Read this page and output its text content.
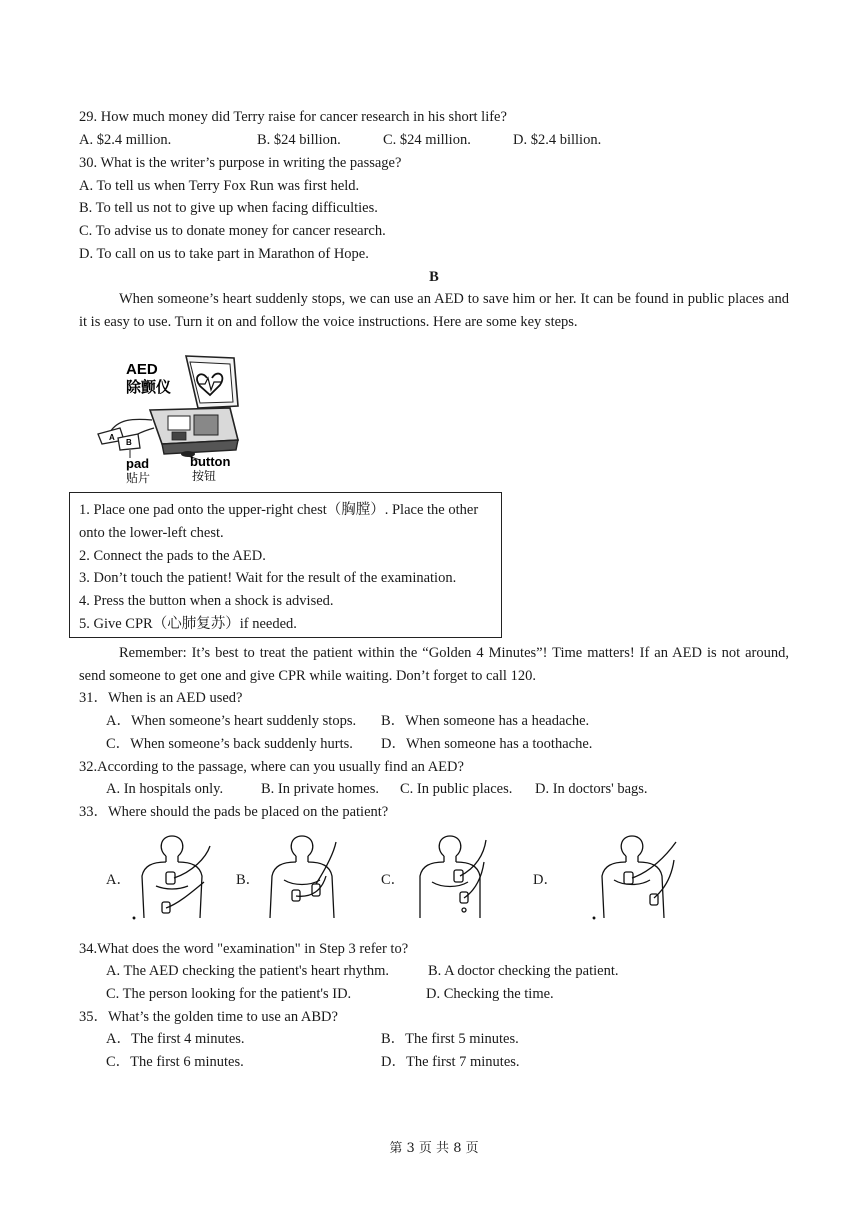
29. How much money did Terry raise for cancer research in his short life?
A. $2.4 million.	B. $24 billion.	C. $24 million.	D. $2.4 billion.
30. What is the writer’s purpose in writing the passage?
A. To tell us when Terry Fox Run was first held.
B. To tell us not to give up when facing difficulties.
C. To advise us to donate money for cancer research.
D. To call on us to take part in Marathon of Hope.
B
When someone’s heart suddenly stops, we can use an AED to save him or her. It can be found in public places and it is easy to use. Turn it on and follow the voice instructions. Here are some key steps.
A
B
AED
除颤仪
pad
贴片
button
按钮
1. Place one pad onto the upper-right chest（胸膛）. Place the other
onto the lower-left chest.
2. Connect the pads to the AED.
3. Don’t touch the patient! Wait for the result of the examination.
4. Press the button when a shock is advised.
5. Give CPR（心肺复苏）if needed.
Remember: It’s best to treat the patient within the “Golden 4 Minutes”! Time matters! If an AED is not around, send someone to get one and give CPR while waiting. Don’t forget to call 120.
31．When is an AED used?
A．When someone’s heart suddenly stops. B．When someone has a headache.
C．When someone’s back suddenly hurts. D．When someone has a toothache.
32.According to the passage, where can you usually find an AED?
A. In hospitals only.	B. In private homes. C. In public places. D. In doctors' bags.
33．Where should the pads be placed on the patient?
A．	B．	C．	D．
34.What does the word "examination" in Step 3 refer to?
A. The AED checking the patient's heart rhythm.	B. A doctor checking the patient.
C. The person looking for the patient's ID.	D. Checking the time.
35．What’s the golden time to use an ABD?
A．The first 4 minutes.	B．The first 5 minutes.
C．The first 6 minutes.	D．The first 7 minutes.
第 3 页 共 8 页
